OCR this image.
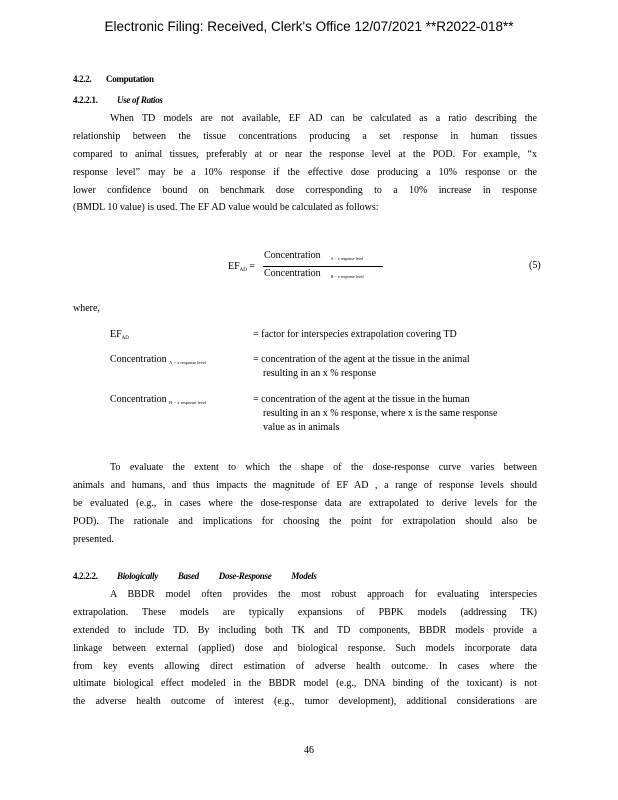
Electronic Filing: Received, Clerk's Office 12/07/2021 **R2022-018**
4.2.2. Computation
4.2.2.1. Use of Ratios
When TD models are not available, EF AD can be calculated as a ratio describing the
relationship between the tissue concentrations producing a set response in human tissues
compared to animal tissues, preferably at or near the response level at the POD. For example, “x
response level” may be a 10% response if the effective dose producing a 10% response or the
lower confidence bound on benchmark dose corresponding to a 10% increase in response
(BMDL 10 value) is used. The EF AD value would be calculated as follows:
$EF_{AD}$ =
Concentration	$_{A - x response level}$
Concentration	$_{H - x response level}$
(5)
where,
$EF_{AD}$	= factor for interspecies extrapolation covering TD
Concentration $_{A - x response level}$	= concentration of the agent at the tissue in the animal
resulting in an x % response
Concentration $_{H - x response level}$	= concentration of the agent at the tissue in the human
resulting in an x % response, where x is the same response
value as in animals
To evaluate the extent to which the shape of the dose-response curve varies between
animals and humans, and thus impacts the magnitude of EF AD , a range of response levels should
be evaluated (e.g., in cases where the dose-response data are extrapolated to derive levels for the
POD). The rationale and implications for choosing the point for extrapolation should also be
presented.
4.2.2.2. Biologically Based Dose-Response Models
A BBDR model often provides the most robust approach for evaluating interspecies
extrapolation. These models are typically expansions of PBPK models (addressing TK)
extended to include TD. By including both TK and TD components, BBDR models provide a
linkage between external (applied) dose and biological response. Such models incorporate data
from key events allowing direct estimation of adverse health outcome. In cases where the
ultimate biological effect modeled in the BBDR model (e.g., DNA binding of the toxicant) is not
the adverse health outcome of interest (e.g., tumor development), additional considerations are
46
